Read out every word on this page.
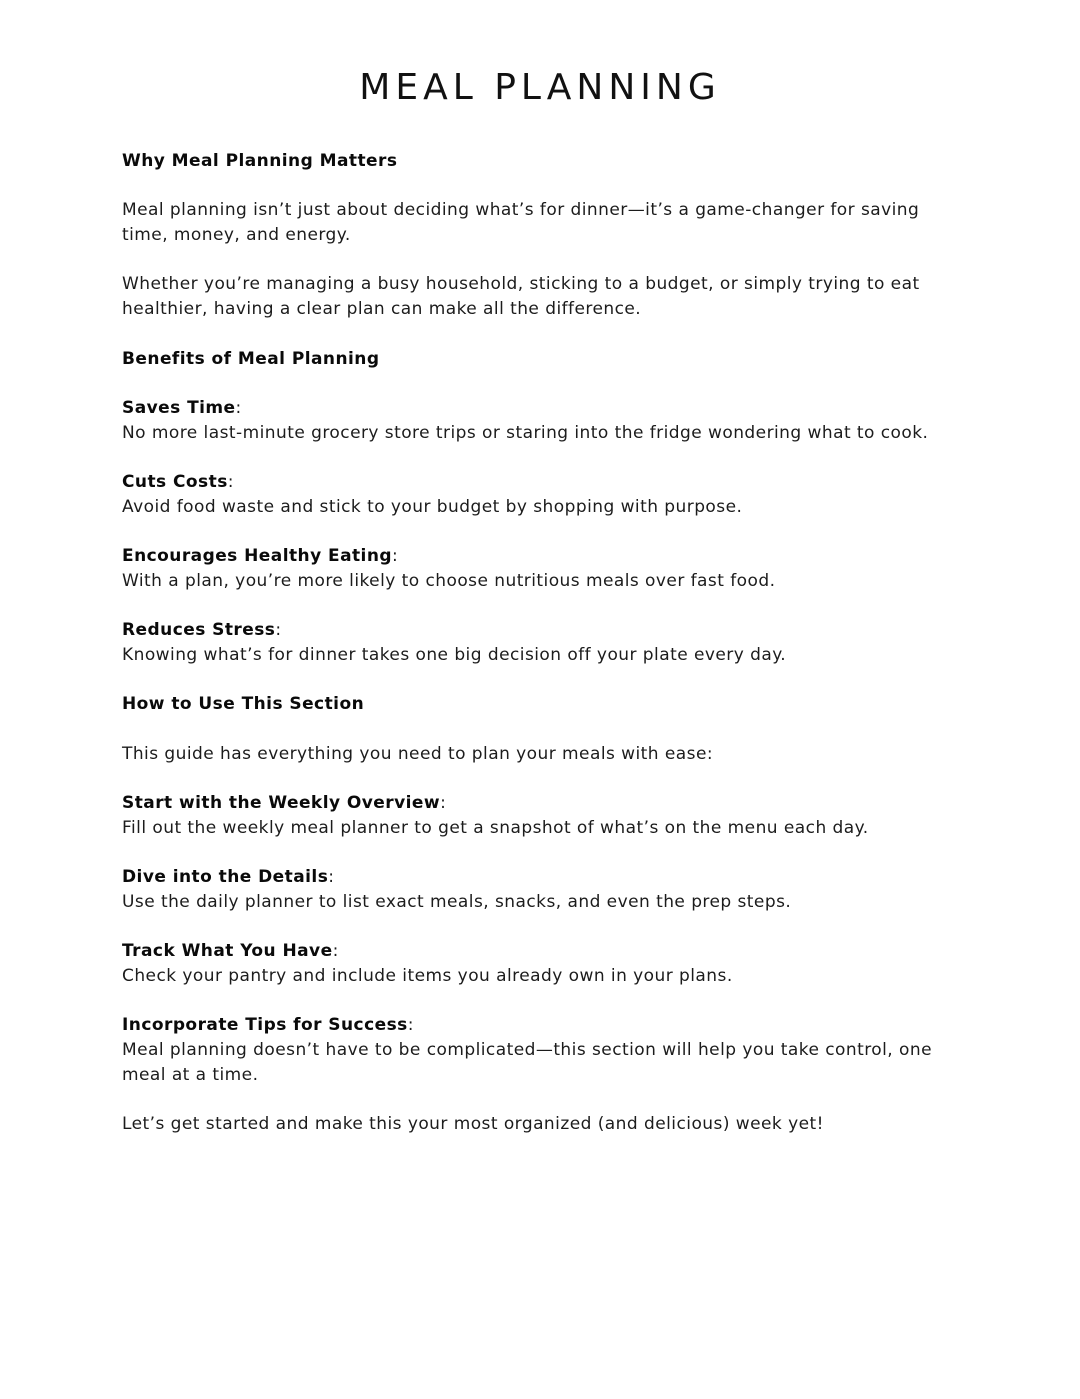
MEAL PLANNING

Why Meal Planning Matters

Meal planning isn’t just about deciding what’s for dinner—it’s a game-changer for saving time, money, and energy.

Whether you’re managing a busy household, sticking to a budget, or simply trying to eat healthier, having a clear plan can make all the difference.

Benefits of Meal Planning

Saves Time:
No more last-minute grocery store trips or staring into the fridge wondering what to cook.

Cuts Costs:
Avoid food waste and stick to your budget by shopping with purpose.

Encourages Healthy Eating:
With a plan, you’re more likely to choose nutritious meals over fast food.

Reduces Stress:
Knowing what’s for dinner takes one big decision off your plate every day.

How to Use This Section

This guide has everything you need to plan your meals with ease:

Start with the Weekly Overview:
Fill out the weekly meal planner to get a snapshot of what’s on the menu each day.

Dive into the Details:
Use the daily planner to list exact meals, snacks, and even the prep steps.

Track What You Have:
Check your pantry and include items you already own in your plans.

Incorporate Tips for Success:
Meal planning doesn’t have to be complicated—this section will help you take control, one meal at a time.

Let’s get started and make this your most organized (and delicious) week yet!
